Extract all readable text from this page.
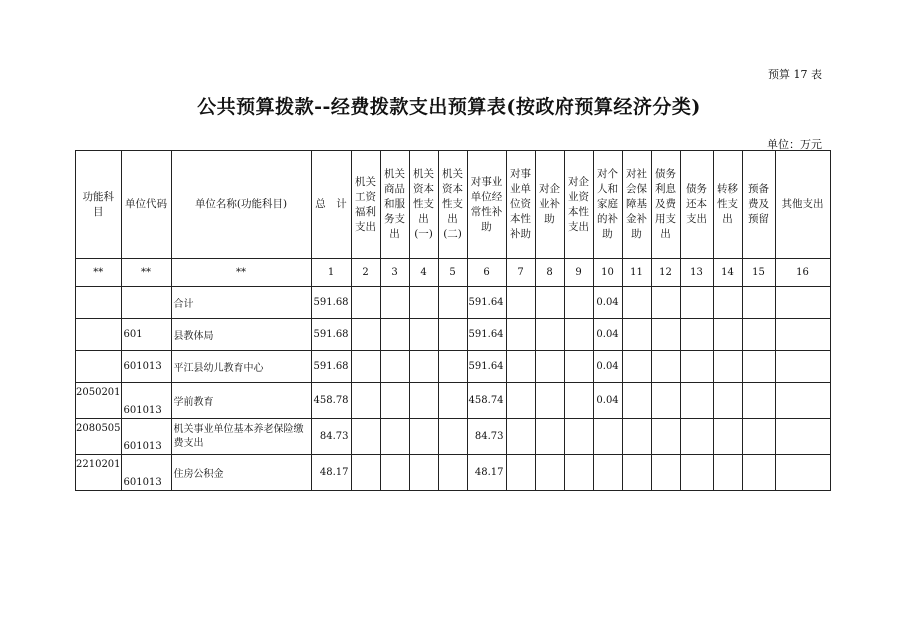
预算 17 表
公共预算拨款--经费拨款支出预算表(按政府预算经济分类)
单位：万元
功能科
目	单位代码	单位名称(功能科目)	总　计	机关
工资
福利
支出	机关
商品
和服
务支
出	机关
资本
性支
出
(一)	机关
资本
性支
出
(二)	对事业
单位经
常性补
助	对事
业单位资
本性
补助	对企
业补
助	对企
业资
本性
支出	对个
人和
家庭
的补
助	对社
会保
障基
金补
助	债务
利息
及费
用支
出	债务
还本
支出	转移
性支
出	预备
费及
预留	其他支出
**	**	**	1	2	3	4	5	6	7	8	9	10	11	12	13	14	15	16
		合计	591.68					591.64				0.04						
	601	县教体局	591.68					591.64				0.04						
	601013	平江县幼儿教育中心	591.68					591.64				0.04						
2050201	601013	学前教育	458.78					458.74				0.04						
2080505	601013	机关事业单位基本养老保险缴费支出	84.73					84.73										
2210201	601013	住房公积金	48.17					48.17										
